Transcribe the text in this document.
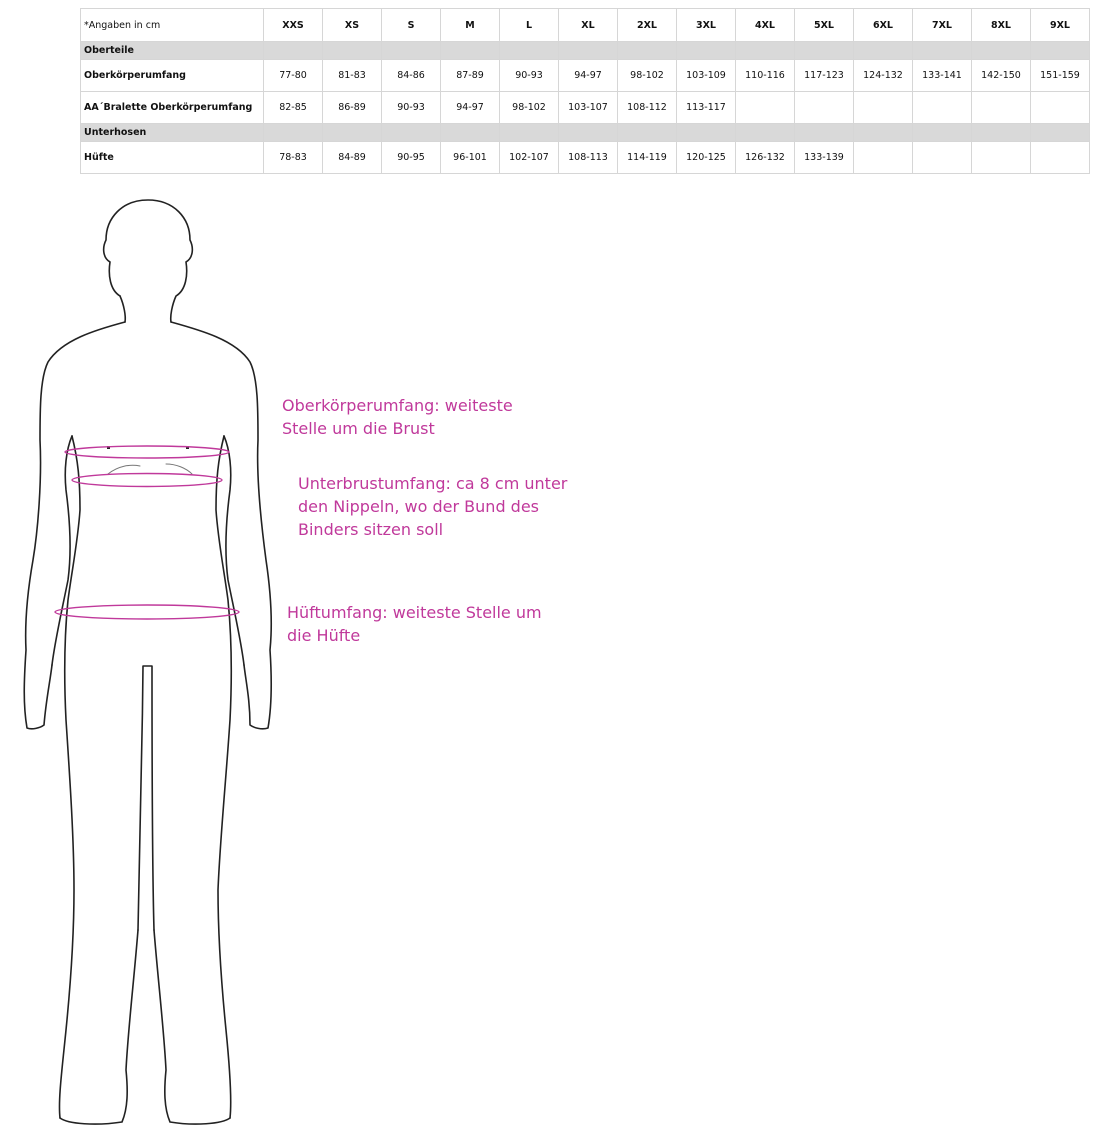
*Angaben in cm	XXS	XS	S	M	L	XL	2XL	3XL	4XL	5XL	6XL	7XL	8XL	9XL
Oberteile														
Oberkörperumfang	77-80	81-83	84-86	87-89	90-93	94-97	98-102	103-109	110-116	117-123	124-132	133-141	142-150	151-159
AA´Bralette Oberkörperumfang	82-85	86-89	90-93	94-97	98-102	103-107	108-112	113-117						
Unterhosen														
Hüfte	78-83	84-89	90-95	96-101	102-107	108-113	114-119	120-125	126-132	133-139				
Oberkörperumfang: weiteste
Stelle um die Brust
Unterbrustumfang: ca 8 cm unter
den Nippeln, wo der Bund des
Binders sitzen soll
Hüftumfang: weiteste Stelle um
die Hüfte
